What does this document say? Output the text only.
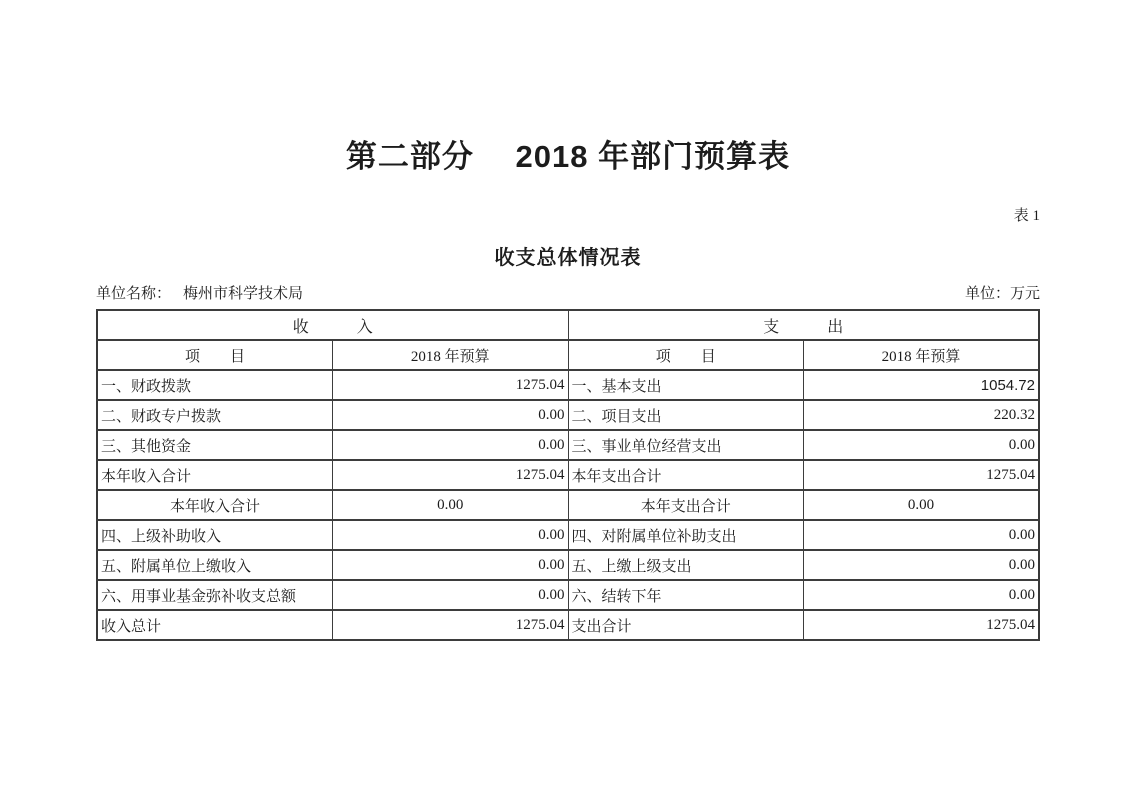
第二部分　 2018 年部门预算表
表 1
收支总体情况表
单位名称： 梅州市科学技术局	单位：万元
收　　　入		支　　　出	
项　　目	2018 年预算	项　　目	2018 年预算
一、财政拨款	1275.04	一、基本支出	1054.72
二、财政专户拨款	0.00	二、项目支出	220.32
三、其他资金	0.00	三、事业单位经营支出	0.00
本年收入合计	1275.04	本年支出合计	1275.04
本年收入合计	0.00	本年支出合计	0.00
四、上级补助收入	0.00	四、对附属单位补助支出	0.00
五、附属单位上缴收入	0.00	五、上缴上级支出	0.00
六、用事业基金弥补收支总额	0.00	六、结转下年	0.00
收入总计	1275.04	支出合计	1275.04
